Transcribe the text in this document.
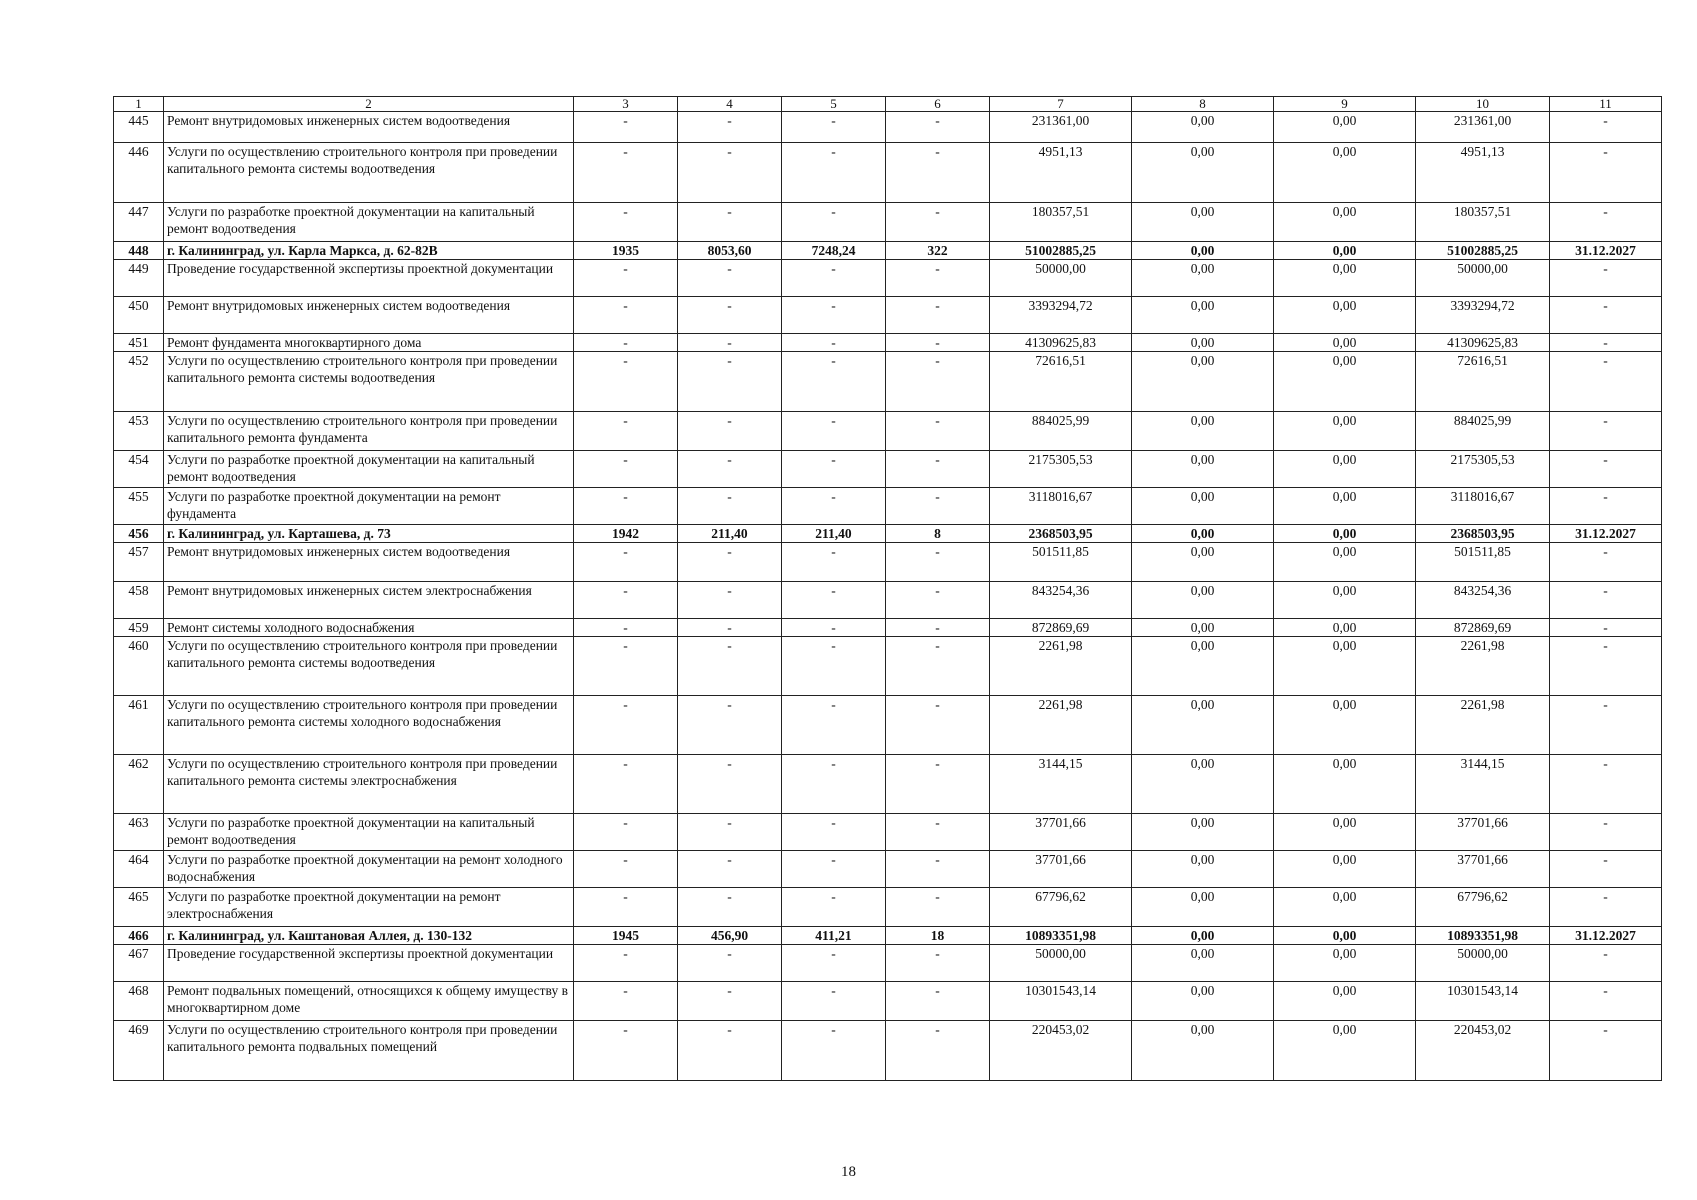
1	2	3	4	5	6	7	8	9	10	11
445	Ремонт внутридомовых инженерных систем водоотведения	-	-	-	-	231361,00	0,00	0,00	231361,00	-
446	Услуги по осуществлению строительного контроля при проведении капитального ремонта системы водоотведения	-	-	-	-	4951,13	0,00	0,00	4951,13	-
447	Услуги по разработке проектной документации на капитальный ремонт водоотведения	-	-	-	-	180357,51	0,00	0,00	180357,51	-
448	г. Калининград, ул. Карла Маркса, д. 62-82В	1935	8053,60	7248,24	322	51002885,25	0,00	0,00	51002885,25	31.12.2027
449	Проведение государственной экспертизы проектной документации	-	-	-	-	50000,00	0,00	0,00	50000,00	-
450	Ремонт внутридомовых инженерных систем водоотведения	-	-	-	-	3393294,72	0,00	0,00	3393294,72	-
451	Ремонт фундамента многоквартирного дома	-	-	-	-	41309625,83	0,00	0,00	41309625,83	-
452	Услуги по осуществлению строительного контроля при проведении капитального ремонта системы водоотведения	-	-	-	-	72616,51	0,00	0,00	72616,51	-
453	Услуги по осуществлению строительного контроля при проведении капитального ремонта фундамента	-	-	-	-	884025,99	0,00	0,00	884025,99	-
454	Услуги по разработке проектной документации на капитальный ремонт водоотведения	-	-	-	-	2175305,53	0,00	0,00	2175305,53	-
455	Услуги по разработке проектной документации на ремонт фундамента	-	-	-	-	3118016,67	0,00	0,00	3118016,67	-
456	г. Калининград, ул. Карташева, д. 73	1942	211,40	211,40	8	2368503,95	0,00	0,00	2368503,95	31.12.2027
457	Ремонт внутридомовых инженерных систем водоотведения	-	-	-	-	501511,85	0,00	0,00	501511,85	-
458	Ремонт внутридомовых инженерных систем электроснабжения	-	-	-	-	843254,36	0,00	0,00	843254,36	-
459	Ремонт системы холодного водоснабжения	-	-	-	-	872869,69	0,00	0,00	872869,69	-
460	Услуги по осуществлению строительного контроля при проведении капитального ремонта системы водоотведения	-	-	-	-	2261,98	0,00	0,00	2261,98	-
461	Услуги по осуществлению строительного контроля при проведении капитального ремонта системы холодного водоснабжения	-	-	-	-	2261,98	0,00	0,00	2261,98	-
462	Услуги по осуществлению строительного контроля при проведении капитального ремонта системы электроснабжения	-	-	-	-	3144,15	0,00	0,00	3144,15	-
463	Услуги по разработке проектной документации на капитальный ремонт водоотведения	-	-	-	-	37701,66	0,00	0,00	37701,66	-
464	Услуги по разработке проектной документации на ремонт холодного водоснабжения	-	-	-	-	37701,66	0,00	0,00	37701,66	-
465	Услуги по разработке проектной документации на ремонт электроснабжения	-	-	-	-	67796,62	0,00	0,00	67796,62	-
466	г. Калининград, ул. Каштановая Аллея, д. 130-132	1945	456,90	411,21	18	10893351,98	0,00	0,00	10893351,98	31.12.2027
467	Проведение государственной экспертизы проектной документации	-	-	-	-	50000,00	0,00	0,00	50000,00	-
468	Ремонт подвальных помещений, относящихся к общему имуществу в многоквартирном доме	-	-	-	-	10301543,14	0,00	0,00	10301543,14	-
469	Услуги по осуществлению строительного контроля при проведении капитального ремонта подвальных помещений	-	-	-	-	220453,02	0,00	0,00	220453,02	-
18
